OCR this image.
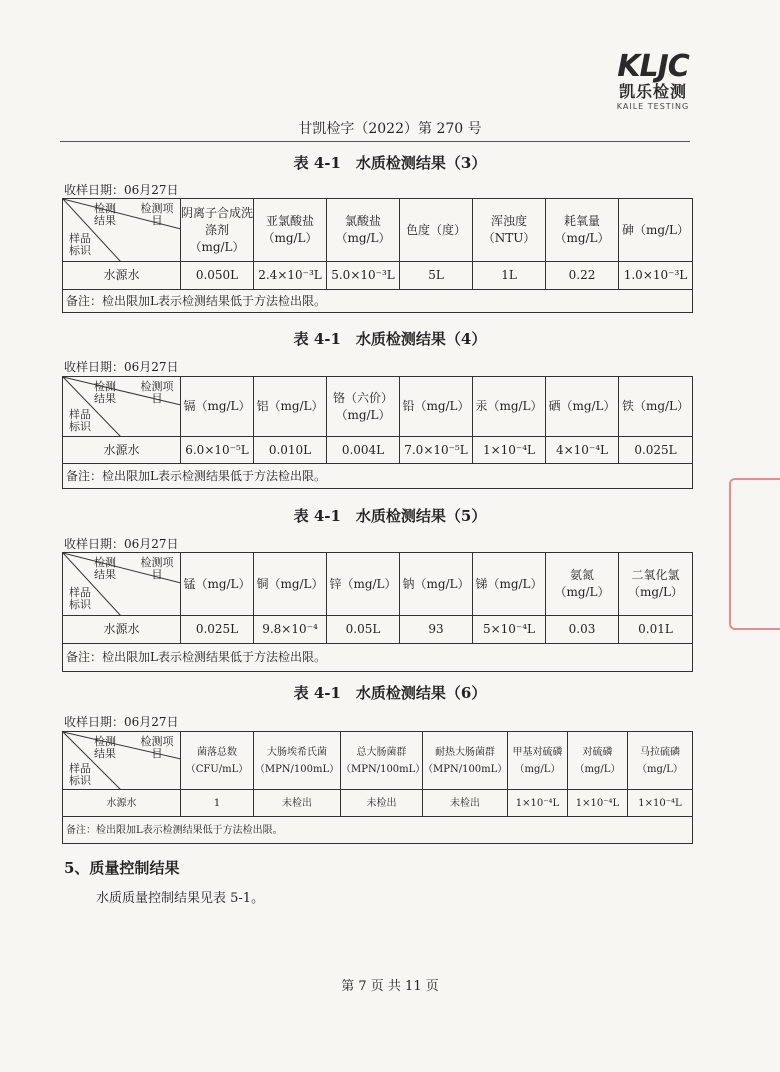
KLJC
凯乐检测
KAILE TESTING
甘凯检字（2022）第 270 号
表 4-1　水质检测结果（3）
收样日期：06月27日
检测项目
检测结果
样品标识	阴离子合成洗涤剂（mg/L）	亚氯酸盐（mg/L）	氯酸盐（mg/L）	色度（度）	浑浊度（NTU）	耗氧量（mg/L）	砷（mg/L）
水源水	0.050L	2.4×10⁻³L	5.0×10⁻³L	5L	1L	0.22	1.0×10⁻³L
备注：检出限加L表示检测结果低于方法检出限。							
表 4-1　水质检测结果（4）
收样日期：06月27日
检测项目
检测结果
样品标识	镉（mg/L）	铝（mg/L）	铬（六价）（mg/L）	铅（mg/L）	汞（mg/L）	硒（mg/L）	铁（mg/L）
水源水	6.0×10⁻⁵L	0.010L	0.004L	7.0×10⁻⁵L	1×10⁻⁴L	4×10⁻⁴L	0.025L
备注：检出限加L表示检测结果低于方法检出限。							
表 4-1　水质检测结果（5）
收样日期：06月27日
检测项目
检测结果
样品标识	锰（mg/L）	铜（mg/L）	锌（mg/L）	钠（mg/L）	锑（mg/L）	氨氮（mg/L）	二氧化氯（mg/L）
水源水	0.025L	9.8×10⁻⁴	0.05L	93	5×10⁻⁴L	0.03	0.01L
备注：检出限加L表示检测结果低于方法检出限。							
表 4-1　水质检测结果（6）
收样日期：06月27日
检测项目
检测结果
样品标识	菌落总数（CFU/mL）	大肠埃希氏菌（MPN/100mL）	总大肠菌群（MPN/100mL）	耐热大肠菌群（MPN/100mL）	甲基对硫磷（mg/L）	对硫磷（mg/L）	马拉硫磷（mg/L）
水源水	1	未检出	未检出	未检出	1×10⁻⁴L	1×10⁻⁴L	1×10⁻⁴L
备注：检出限加L表示检测结果低于方法检出限。							
5、质量控制结果
水质质量控制结果见表 5-1。
第 7 页 共 11 页
